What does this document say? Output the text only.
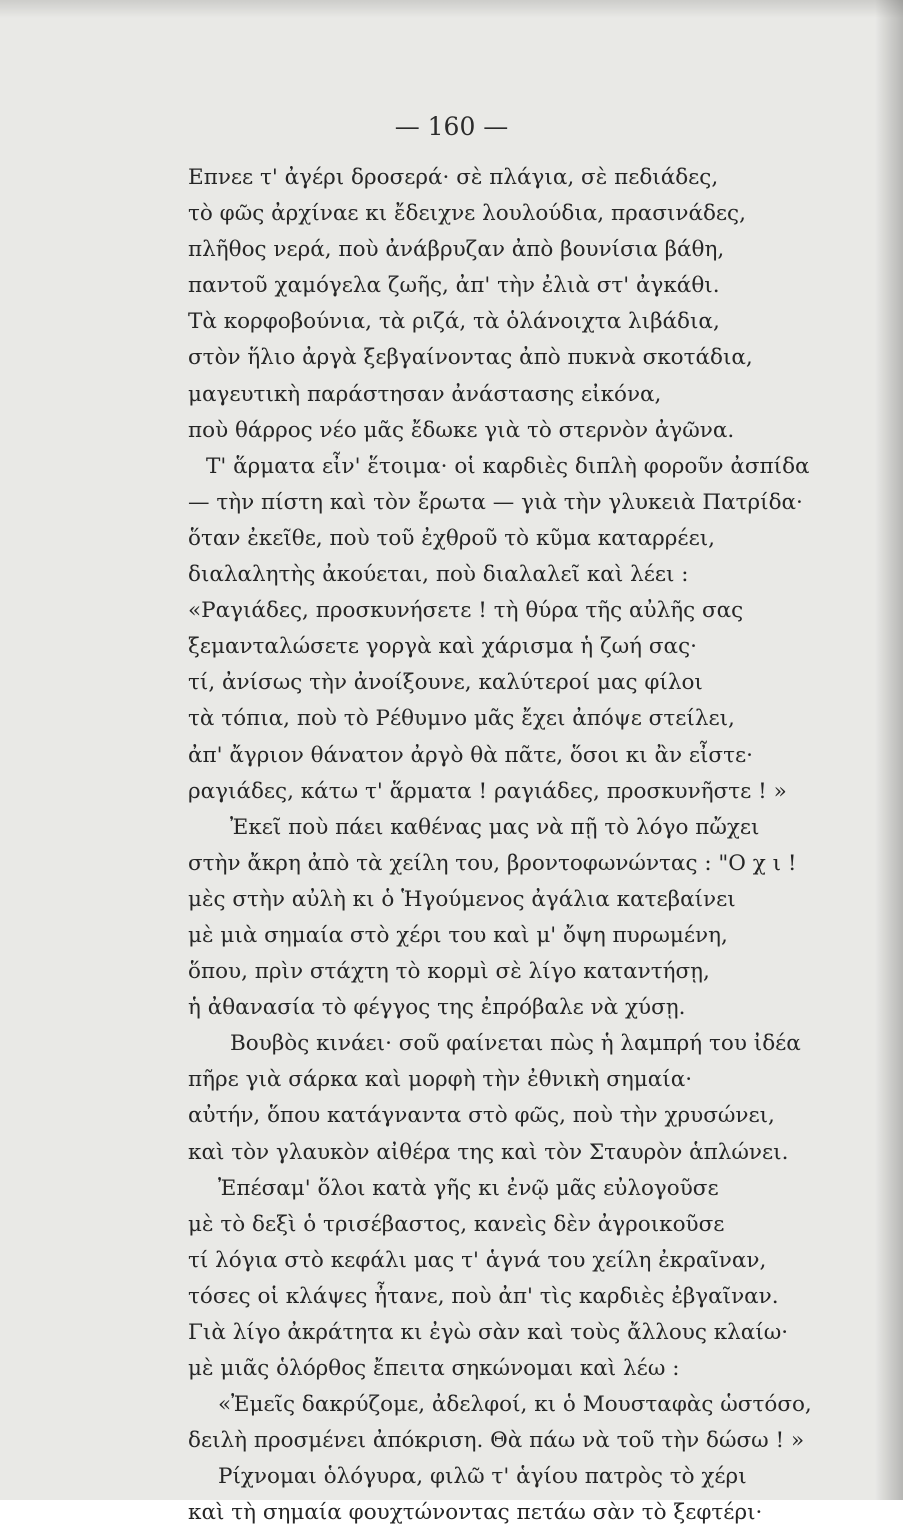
— 160 —
Επνεε τ' ἀγέρι δροσερά· σὲ πλάγια, σὲ πεδιάδες,
τὸ φῶς ἀρχίναε κι ἔδειχνε λουλούδια, πρασινάδες,
πλῆθος νερά, ποὺ ἀνάβρυζαν ἀπὸ βουνίσια βάθη,
παντοῦ χαμόγελα ζωῆς, ἀπ' τὴν ἐλιὰ στ' ἀγκάθι.
Τὰ κορφοβούνια, τὰ ριζά, τὰ ὁλάνοιχτα λιβάδια,
στὸν ἥλιο ἀργὰ ξεβγαίνοντας ἀπὸ πυκνὰ σκοτάδια,
μαγευτικὴ παράστησαν ἀνάστασης εἰκόνα,
ποὺ θάρρος νέο μᾶς ἔδωκε γιὰ τὸ στερνὸν ἀγῶνα.
Τ' ἅρματα εἶν' ἕτοιμα· οἱ καρδιὲς διπλὴ φοροῦν ἀσπίδα
— τὴν πίστη καὶ τὸν ἔρωτα — γιὰ τὴν γλυκειὰ Πατρίδα·
ὅταν ἐκεῖθε, ποὺ τοῦ ἐχθροῦ τὸ κῦμα καταρρέει,
διαλαλητὴς ἀκούεται, ποὺ διαλαλεῖ καὶ λέει :
«Ραγιάδες, προσκυνήσετε ! τὴ θύρα τῆς αὐλῆς σας
ξεμανταλώσετε γοργὰ καὶ χάρισμα ἡ ζωή σας·
τί, ἀνίσως τὴν ἀνοίξουνε, καλύτεροί μας φίλοι
τὰ τόπια, ποὺ τὸ Ρέθυμνο μᾶς ἔχει ἀπόψε στείλει,
ἀπ' ἄγριον θάνατον ἀργὸ θὰ πᾶτε, ὅσοι κι ἂν εἶστε·
ραγιάδες, κάτω τ' ἅρματα ! ραγιάδες, προσκυνῆστε ! »
Ἐκεῖ ποὺ πάει καθένας μας νὰ πῇ τὸ λόγο πὤχει
στὴν ἄκρη ἀπὸ τὰ χείλη του, βροντοφωνώντας : "Ο χ ι !
μὲς στὴν αὐλὴ κι ὁ Ἡγούμενος ἀγάλια κατεβαίνει
μὲ μιὰ σημαία στὸ χέρι του καὶ μ' ὄψη πυρωμένη,
ὅπου, πρὶν στάχτη τὸ κορμὶ σὲ λίγο καταντήσῃ,
ἡ ἀθανασία τὸ φέγγος της ἐπρόβαλε νὰ χύσῃ.
Βουβὸς κινάει· σοῦ φαίνεται πὼς ἡ λαμπρή του ἰδέα
πῆρε γιὰ σάρκα καὶ μορφὴ τὴν ἐθνικὴ σημαία·
αὐτήν, ὅπου κατάγναντα στὸ φῶς, ποὺ τὴν χρυσώνει,
καὶ τὸν γλαυκὸν αἰθέρα της καὶ τὸν Σταυρὸν ἁπλώνει.
Ἐπέσαμ' ὅλοι κατὰ γῆς κι ἐνῷ μᾶς εὐλογοῦσε
μὲ τὸ δεξὶ ὁ τρισέβαστος, κανεὶς δὲν ἀγροικοῦσε
τί λόγια στὸ κεφάλι μας τ' ἁγνά του χείλη ἐκραῖναν,
τόσες οἱ κλάψες ἦτανε, ποὺ ἀπ' τὶς καρδιὲς ἐβγαῖναν.
Γιὰ λίγο ἀκράτητα κι ἐγὼ σὰν καὶ τοὺς ἄλλους κλαίω·
μὲ μιᾶς ὁλόρθος ἔπειτα σηκώνομαι καὶ λέω :
«Ἐμεῖς δακρύζομε, ἀδελφοί, κι ὁ Μουσταφὰς ὡστόσο,
δειλὴ προσμένει ἀπόκριση. Θὰ πάω νὰ τοῦ τὴν δώσω ! »
Ρίχνομαι ὁλόγυρα, φιλῶ τ' ἁγίου πατρὸς τὸ χέρι
καὶ τὴ σημαία φουχτώνοντας πετάω σὰν τὸ ξεφτέρι·
